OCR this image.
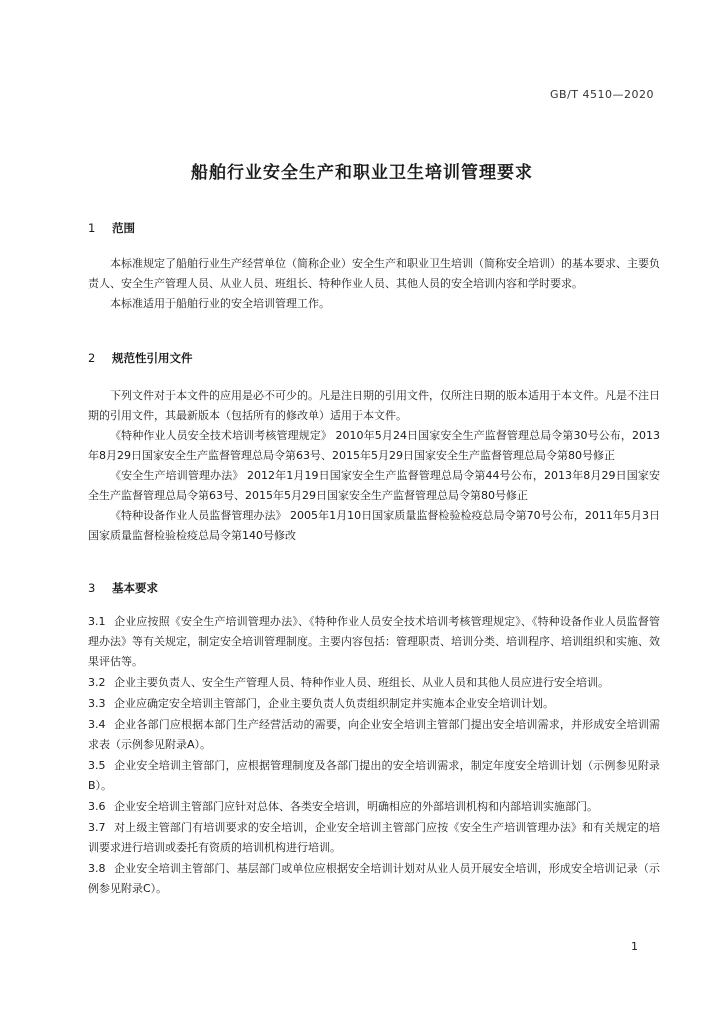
GB/T 4510—2020
船舶行业安全生产和职业卫生培训管理要求
1 范围

本标准规定了船舶行业生产经营单位（简称企业）安全生产和职业卫生培训（简称安全培训）的基本要求、主要负责人、安全生产管理人员、从业人员、班组长、特种作业人员、其他人员的安全培训内容和学时要求。

本标准适用于船舶行业的安全培训管理工作。

2 规范性引用文件

下列文件对于本文件的应用是必不可少的。凡是注日期的引用文件，仅所注日期的版本适用于本文件。凡是不注日期的引用文件，其最新版本（包括所有的修改单）适用于本文件。

《特种作业人员安全技术培训考核管理规定》 2010年5月24日国家安全生产监督管理总局令第30号公布，2013年8月29日国家安全生产监督管理总局令第63号、2015年5月29日国家安全生产监督管理总局令第80号修正

《安全生产培训管理办法》 2012年1月19日国家安全生产监督管理总局令第44号公布，2013年8月29日国家安全生产监督管理总局令第63号、2015年5月29日国家安全生产监督管理总局令第80号修正

《特种设备作业人员监督管理办法》 2005年1月10日国家质量监督检验检疫总局令第70号公布，2011年5月3日国家质量监督检验检疫总局令第140号修改

3 基本要求
3.1 企业应按照《安全生产培训管理办法》、《特种作业人员安全技术培训考核管理规定》、《特种设备作业人员监督管理办法》等有关规定，制定安全培训管理制度。主要内容包括：管理职责、培训分类、培训程序、培训组织和实施、效果评估等。
3.2 企业主要负责人、安全生产管理人员、特种作业人员、班组长、从业人员和其他人员应进行安全培训。
3.3 企业应确定安全培训主管部门，企业主要负责人负责组织制定并实施本企业安全培训计划。
3.4 企业各部门应根据本部门生产经营活动的需要，向企业安全培训主管部门提出安全培训需求，并形成安全培训需求表（示例参见附录A）。
3.5 企业安全培训主管部门，应根据管理制度及各部门提出的安全培训需求，制定年度安全培训计划（示例参见附录B）。
3.6 企业安全培训主管部门应针对总体、各类安全培训，明确相应的外部培训机构和内部培训实施部门。
3.7 对上级主管部门有培训要求的安全培训，企业安全培训主管部门应按《安全生产培训管理办法》和有关规定的培训要求进行培训或委托有资质的培训机构进行培训。
3.8 企业安全培训主管部门、基层部门或单位应根据安全培训计划对从业人员开展安全培训，形成安全培训记录（示例参见附录C）。
1
